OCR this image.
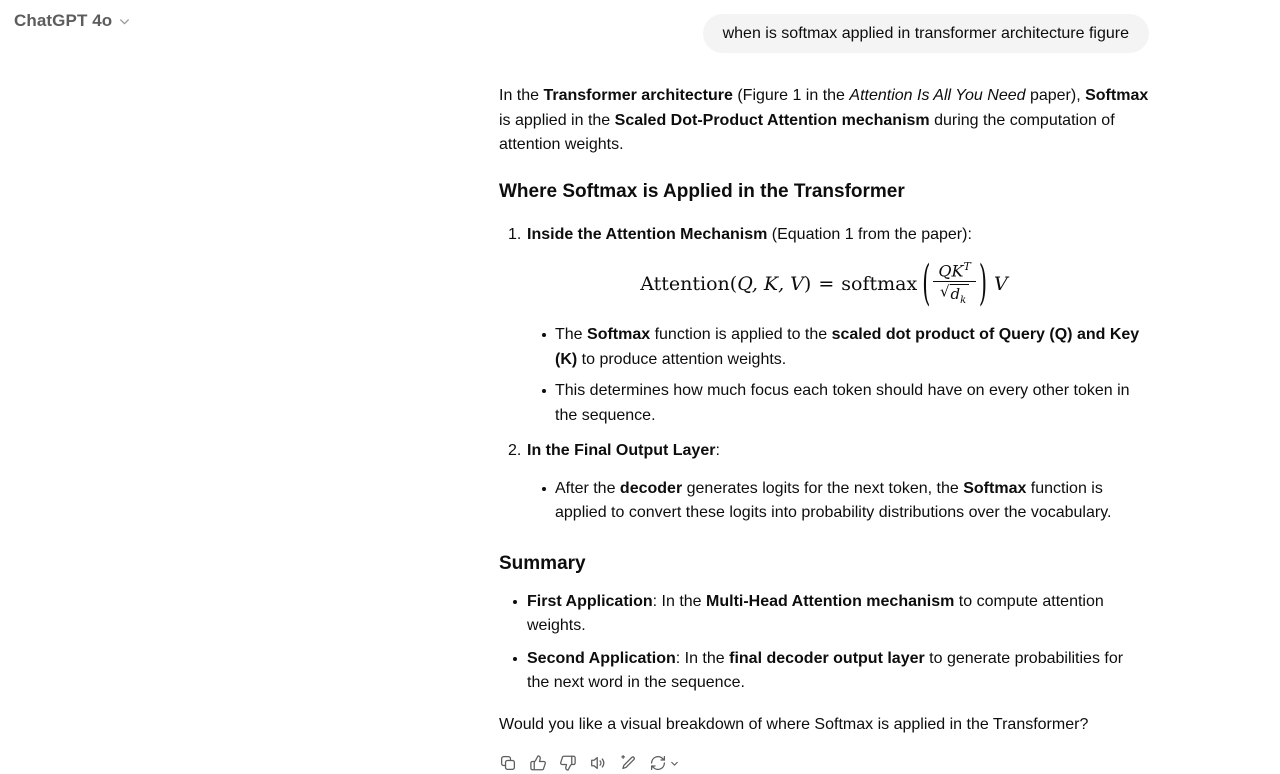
ChatGPT 4o
when is softmax applied in transformer architecture figure

In the Transformer architecture (Figure 1 in the Attention Is All You Need paper), Softmax is applied in the Scaled Dot-Product Attention mechanism during the computation of attention weights.

Where Softmax is Applied in the Transformer
1. Inside the Attention Mechanism (Equation 1 from the paper):
Attention ( Q, K, V ) = softmax ( $\frac{QK^T}{√ d_k}$ ) V
The Softmax function is applied to the scaled dot product of Query (Q) and Key (K) to produce attention weights.
This determines how much focus each token should have on every other token in the sequence.
2. In the Final Output Layer:
After the decoder generates logits for the next token, the Softmax function is applied to convert these logits into probability distributions over the vocabulary.
Summary
First Application: In the Multi-Head Attention mechanism to compute attention weights.
Second Application: In the final decoder output layer to generate probabilities for the next word in the sequence.

Would you like a visual breakdown of where Softmax is applied in the Transformer?
